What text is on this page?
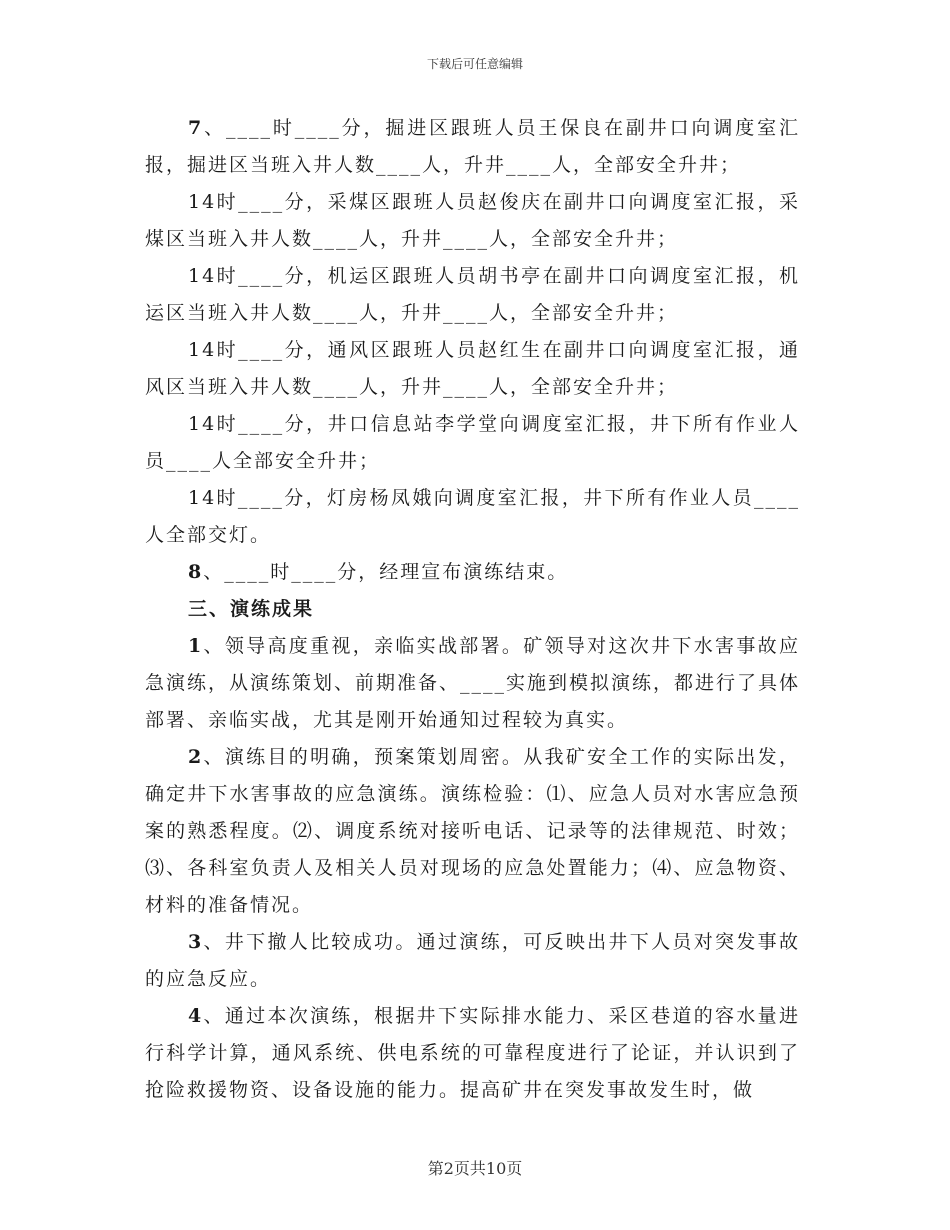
下载后可任意编辑

7、____时____分，掘进区跟班人员王保良在副井口向调度室汇报，掘进区当班入井人数____人，升井____人，全部安全升井；

14时____分，采煤区跟班人员赵俊庆在副井口向调度室汇报，采煤区当班入井人数____人，升井____人，全部安全升井；

14时____分，机运区跟班人员胡书亭在副井口向调度室汇报，机运区当班入井人数____人，升井____人，全部安全升井；

14时____分，通风区跟班人员赵红生在副井口向调度室汇报，通风区当班入井人数____人，升井____人，全部安全升井；

14时____分，井口信息站李学堂向调度室汇报，井下所有作业人员____人全部安全升井；

14时____分，灯房杨凤娥向调度室汇报，井下所有作业人员____人全部交灯。

8、____时____分，经理宣布演练结束。

三、演练成果

1、领导高度重视，亲临实战部署。矿领导对这次井下水害事故应急演练，从演练策划、前期准备、____实施到模拟演练，都进行了具体部署、亲临实战，尤其是刚开始通知过程较为真实。

2、演练目的明确，预案策划周密。从我矿安全工作的实际出发，确定井下水害事故的应急演练。演练检验：⑴、应急人员对水害应急预案的熟悉程度。⑵、调度系统对接听电话、记录等的法律规范、时效；⑶、各科室负责人及相关人员对现场的应急处置能力；⑷、应急物资、材料的准备情况。

3、井下撤人比较成功。通过演练，可反映出井下人员对突发事故的应急反应。

4、通过本次演练，根据井下实际排水能力、采区巷道的容水量进行科学计算，通风系统、供电系统的可靠程度进行了论证，并认识到了抢险救援物资、设备设施的能力。提高矿井在突发事故发生时，做

第2页共10页
